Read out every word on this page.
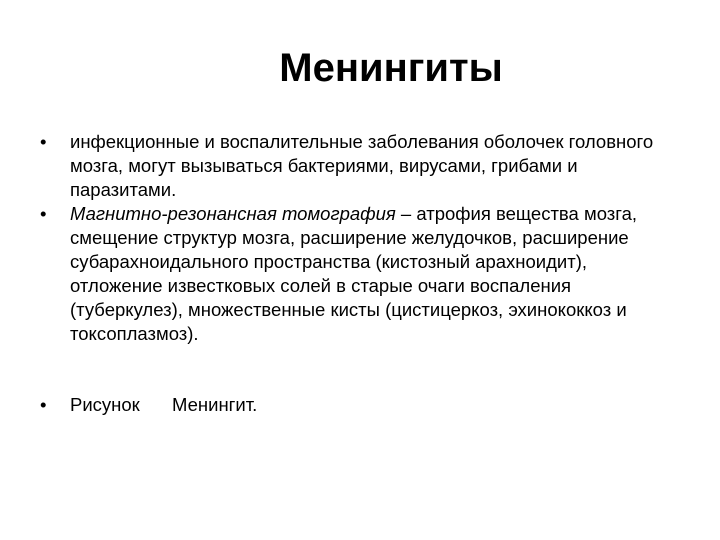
Менингиты
• инфекционные и воспалительные заболевания оболочек головного мозга, могут вызываться бактериями, вирусами, грибами и паразитами.
• Магнитно-резонансная томография – атрофия вещества мозга, смещение структур мозга, расширение желудочков, расширение субарахноидального пространства (кистозный арахноидит), отложение известковых солей в старые очаги воспаления (туберкулез), множественные кисты (цистицеркоз, эхинококкоз и токсоплазмоз).
• Рисунок Менингит.
